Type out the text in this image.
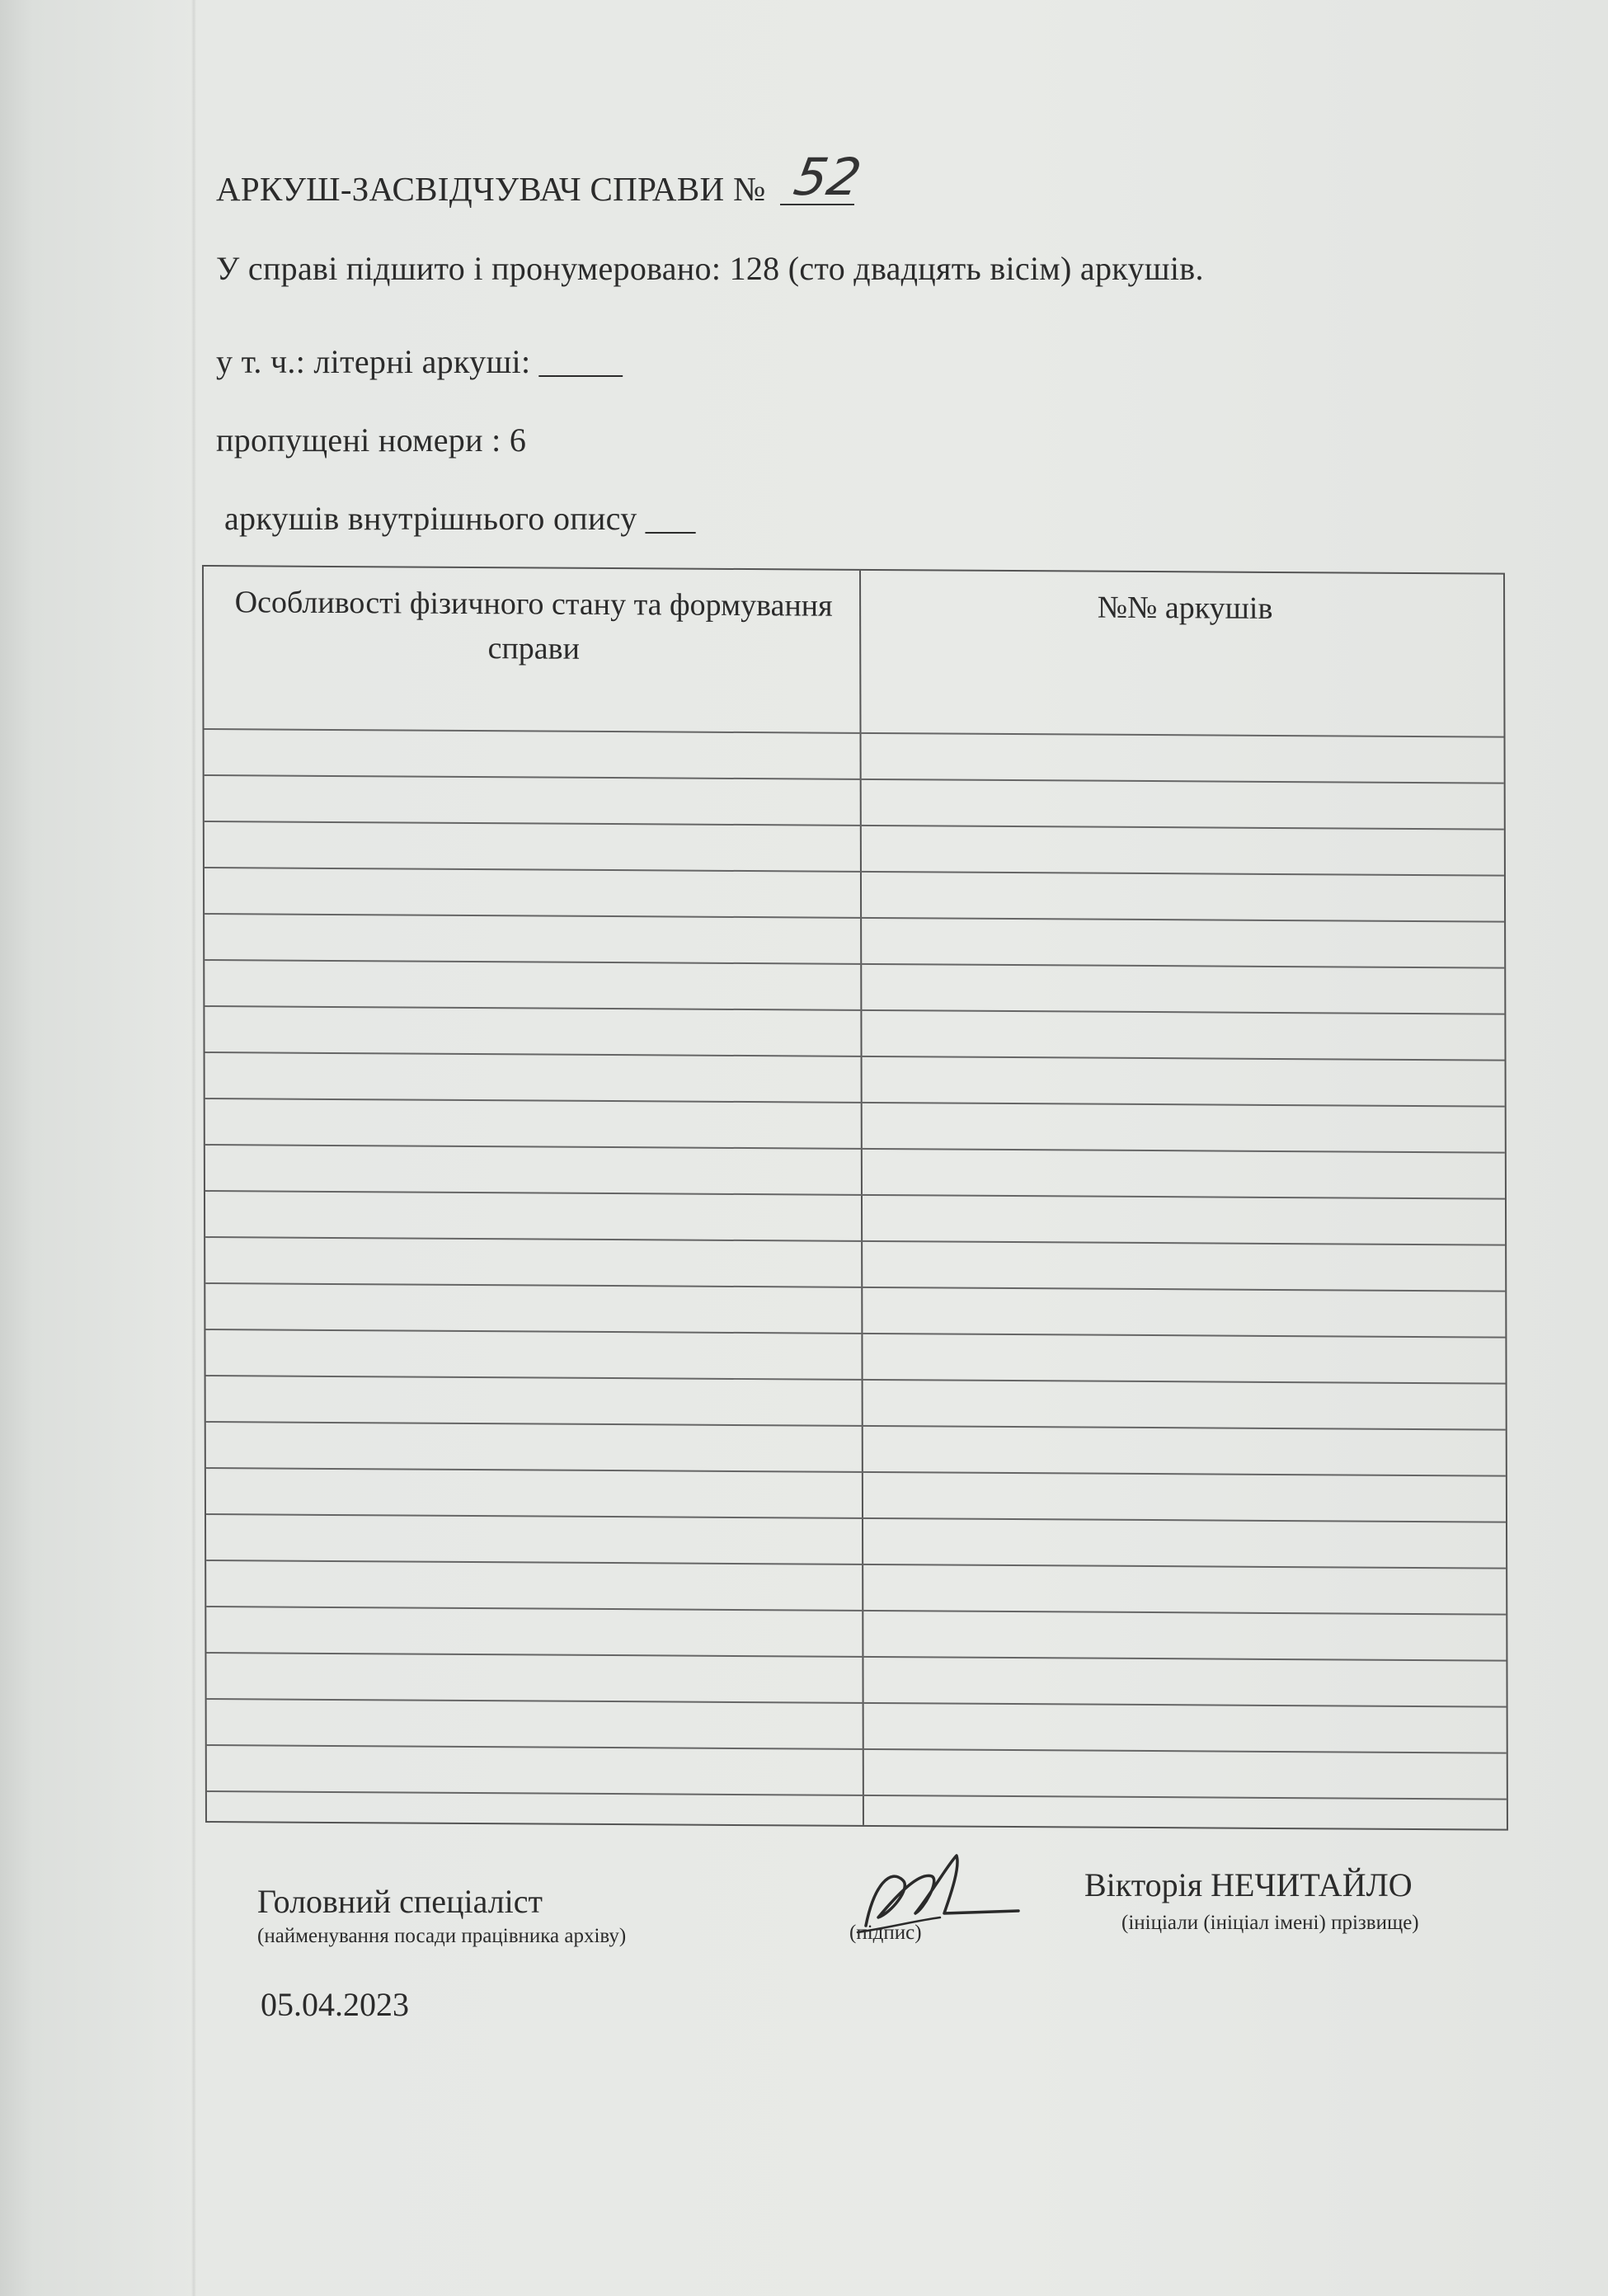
АРКУШ-ЗАСВІДЧУВАЧ СПРАВИ № 52

У справі підшито і пронумеровано: 128 (сто двадцять вісім) аркушів.
у т. ч.: літерні аркуші: _____
пропущені номери : 6
аркушів внутрішнього опису ___
Особливості фізичного стану та формування справи
№№ аркушів
Головний спеціаліст
(найменування посади працівника архіву)	(підпис)
Вікторія НЕЧИТАЙЛО
(ініціали (ініціал імені) прізвище)
05.04.2023
